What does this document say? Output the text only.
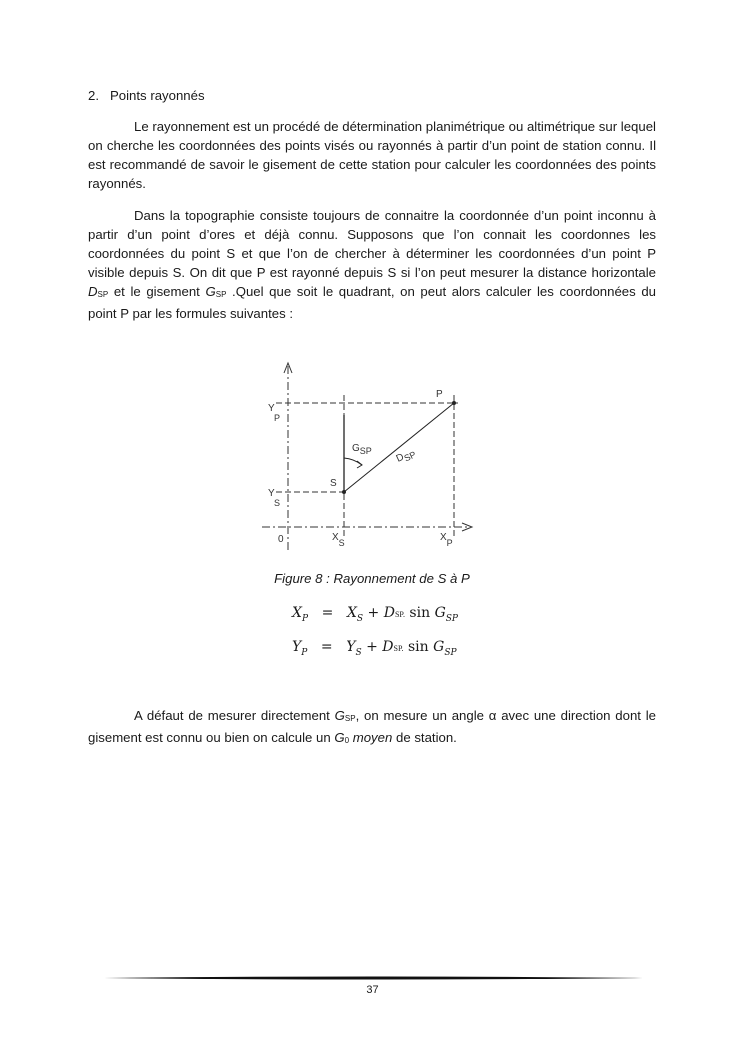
2. Points rayonnés

Le rayonnement est un procédé de détermination planimétrique ou altimétrique sur lequel on cherche les coordonnées des points visés ou rayonnés à partir d’un point de station connu. Il est recommandé de savoir le gisement de cette station pour calculer les coordonnées des points rayonnés.

Dans la topographie consiste toujours de connaitre la coordonnée d’un point inconnu à partir d’un point d’ores et déjà connu. Supposons que l’on connait les coordonnes les coordonnées du point S et que l’on de chercher à déterminer les coordonnées d’un point P visible depuis S. On dit que P est rayonné depuis S si l’on peut mesurer la distance horizontale $D_{SP}$ et le gisement $G_{SP}$ .Quel que soit le quadrant, on peut alors calculer les coordonnées du point P par les formules suivantes :

P
S
GSP
DSP
YP
YS
XS	XP
0
Figure 8 : Rayonnement de S à P
$X_P = X_S$ + DSP. $\sin G_{SP}$
$Y_P = Y_S$ + DSP. $\sin G_{SP}$

A défaut de mesurer directement $G_{SP}$, on mesure un angle α avec une direction dont le gisement est connu ou bien on calcule un $G_0$ moyen de station.

37
